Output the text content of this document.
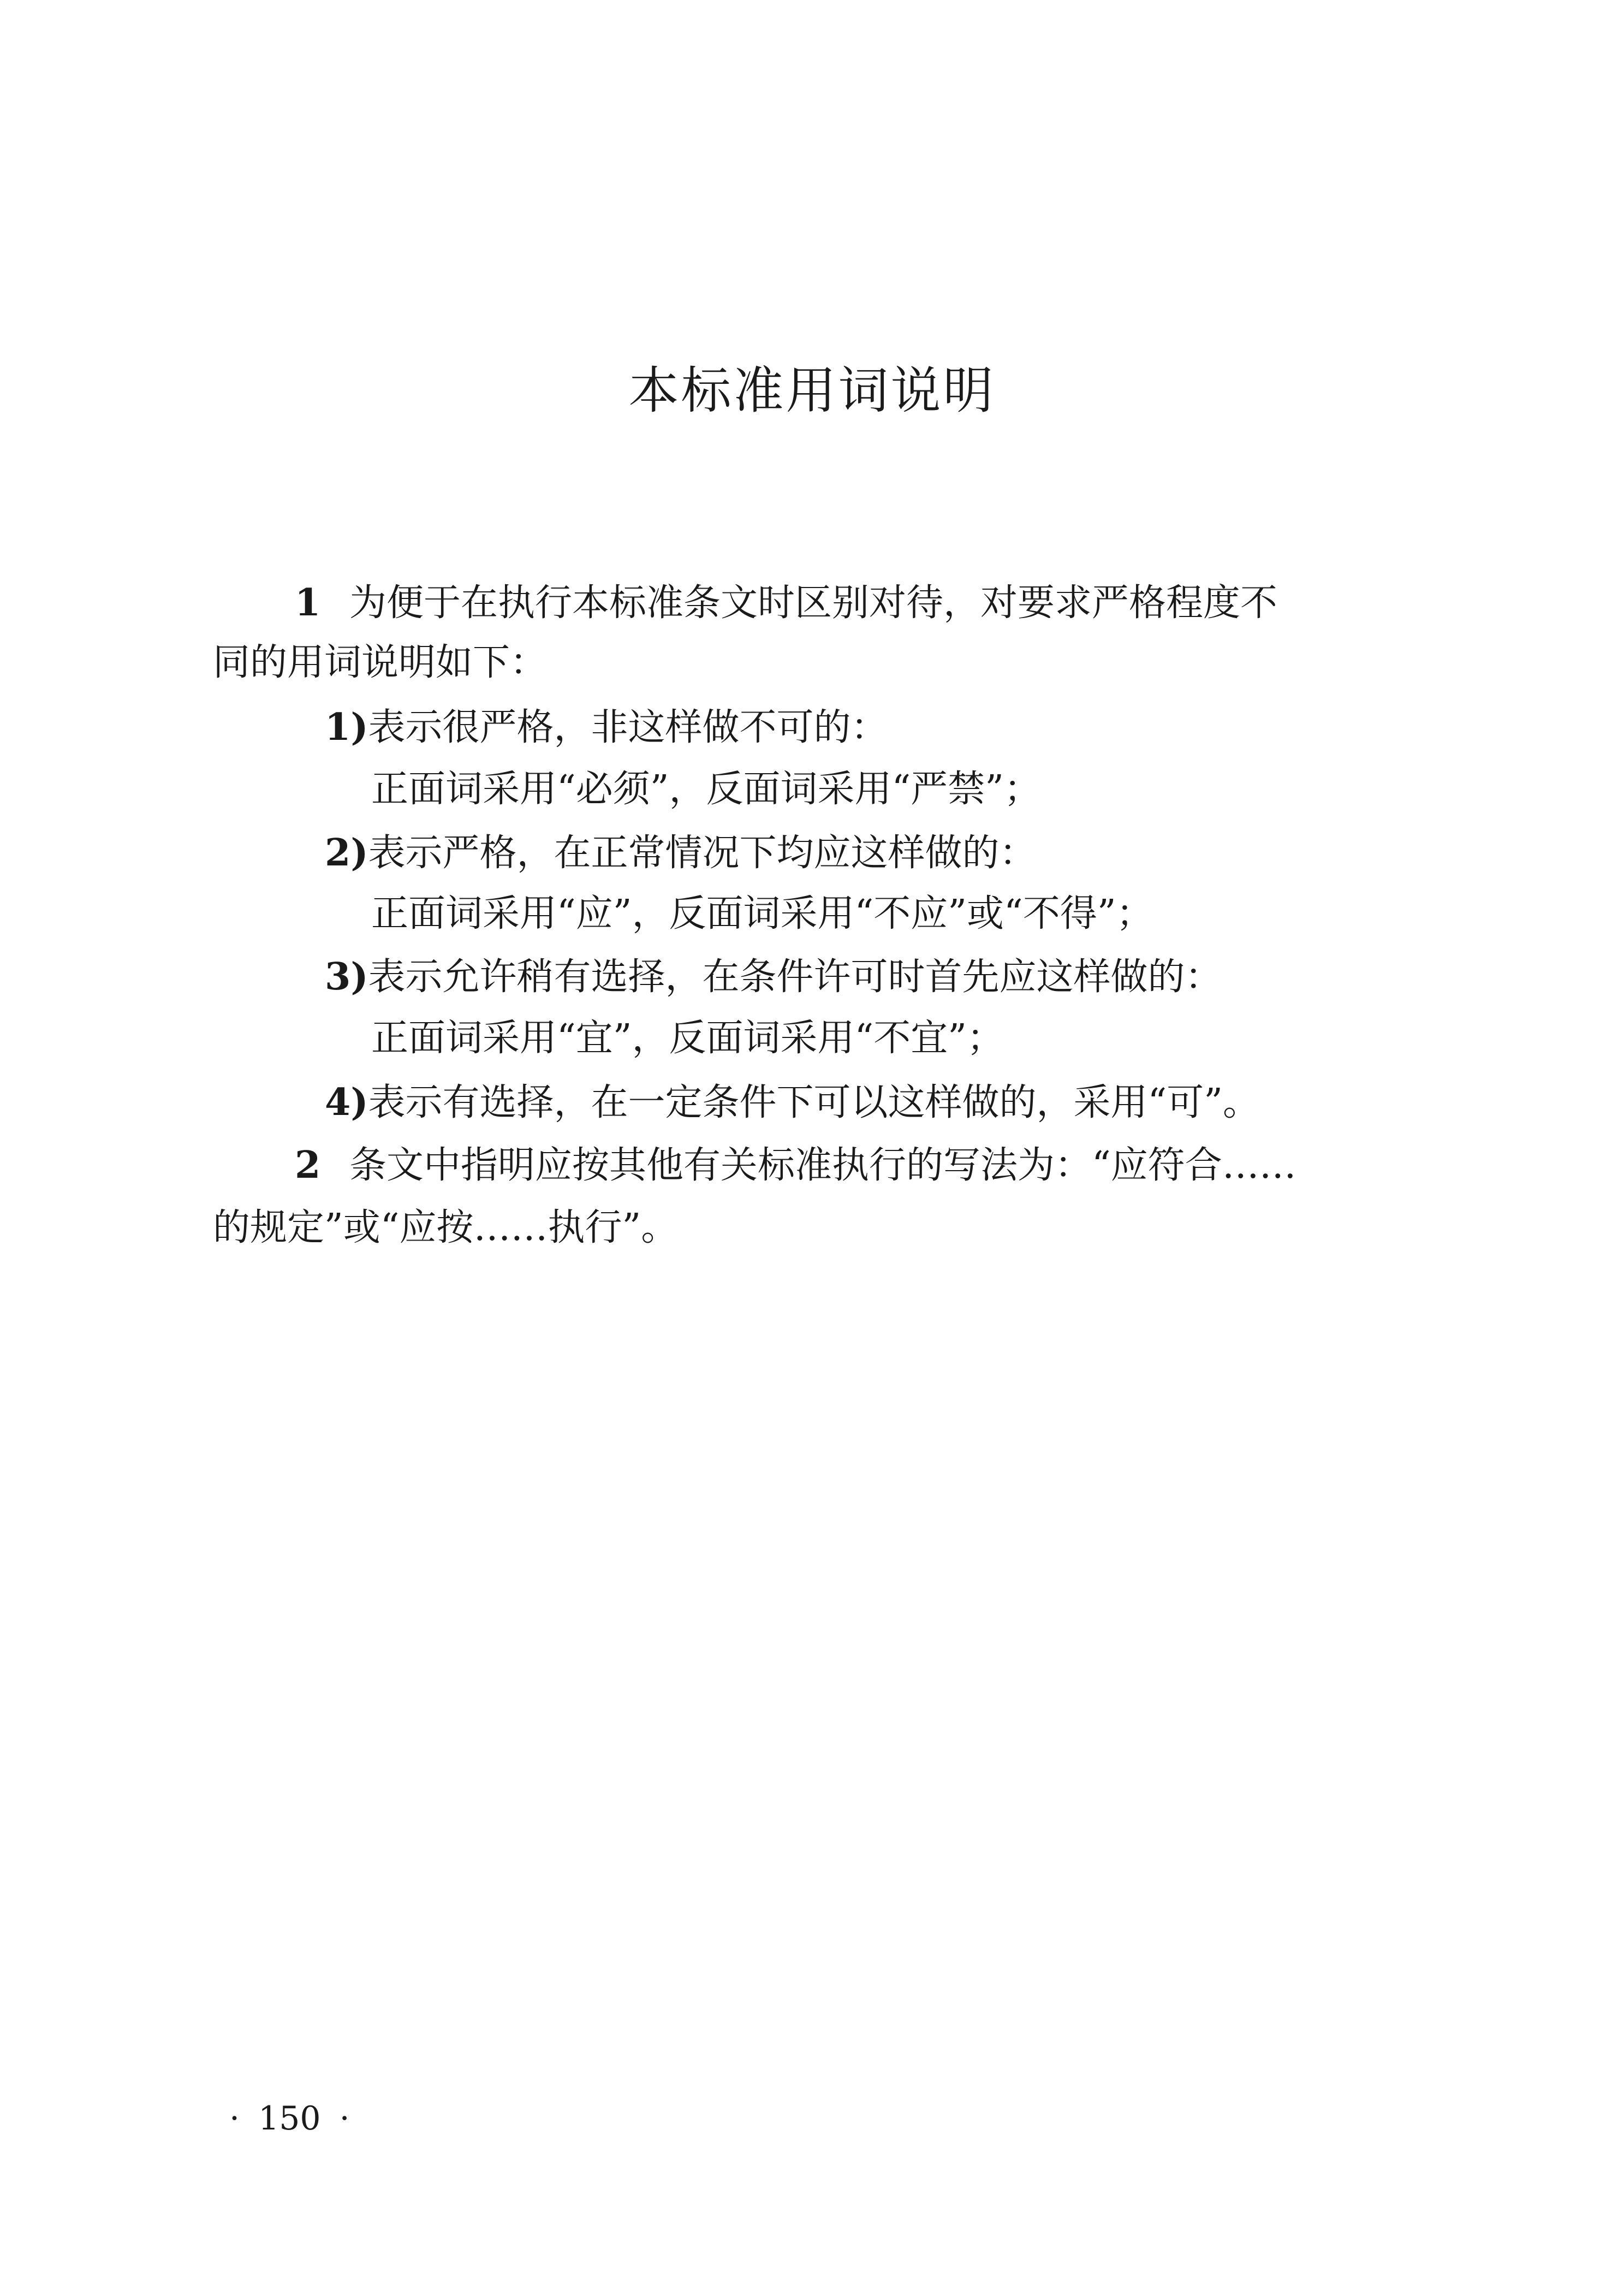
本标准用词说明
1 为便于在执行本标准条文时区别对待，对要求严格程度不
同的用词说明如下：
1)表示很严格，非这样做不可的：
正面词采用“必须”，反面词采用“严禁”；
2)表示严格，在正常情况下均应这样做的：
正面词采用“应”，反面词采用“不应”或“不得”；
3)表示允许稍有选择，在条件许可时首先应这样做的：
正面词采用“宜”，反面词采用“不宜”；
4)表示有选择，在一定条件下可以这样做的，采用“可”。
2 条文中指明应按其他有关标准执行的写法为：“应符合……
的规定”或“应按……执行”。
· 150 ·
